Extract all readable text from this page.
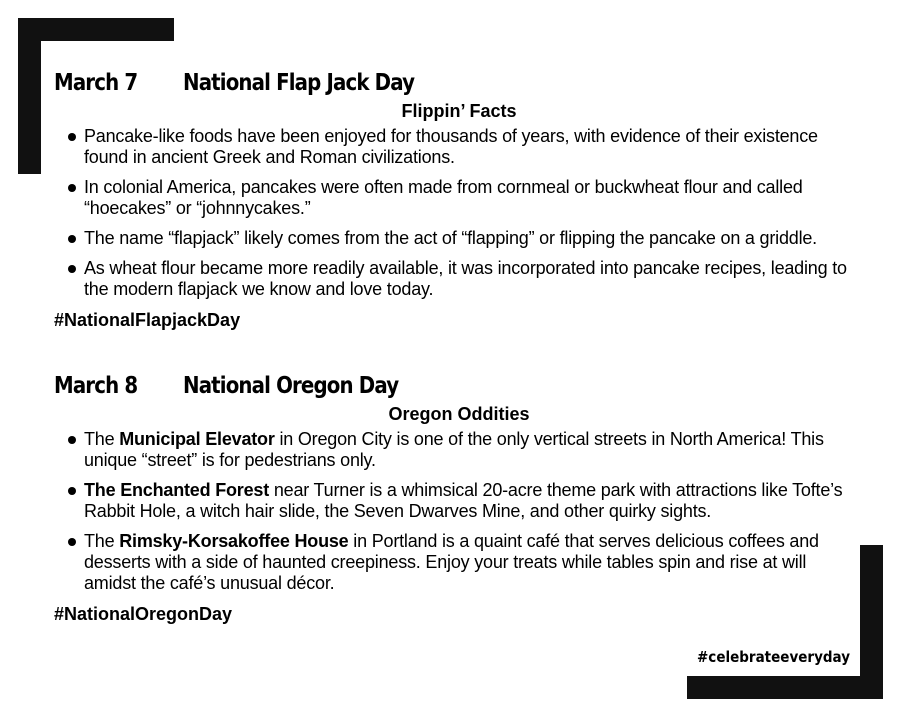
March 7 National Flap Jack Day
Flippin’ Facts
Pancake-like foods have been enjoyed for thousands of years, with evidence of their existence found in ancient Greek and Roman civilizations.
In colonial America, pancakes were often made from cornmeal or buckwheat flour and called “hoecakes” or “johnnycakes.”
The name “flapjack” likely comes from the act of “flapping” or flipping the pancake on a griddle.
As wheat flour became more readily available, it was incorporated into pancake recipes, leading to the modern flapjack we know and love today.
#NationalFlapjackDay
March 8 National Oregon Day
Oregon Oddities
The Municipal Elevator in Oregon City is one of the only vertical streets in North America! This unique “street” is for pedestrians only.
The Enchanted Forest near Turner is a whimsical 20-acre theme park with attractions like Tofte’s Rabbit Hole, a witch hair slide, the Seven Dwarves Mine, and other quirky sights.
The Rimsky-Korsakoffee House in Portland is a quaint café that serves delicious coffees and desserts with a side of haunted creepiness. Enjoy your treats while tables spin and rise at will amidst the café’s unusual décor.
#NationalOregonDay
#celebrateeveryday
